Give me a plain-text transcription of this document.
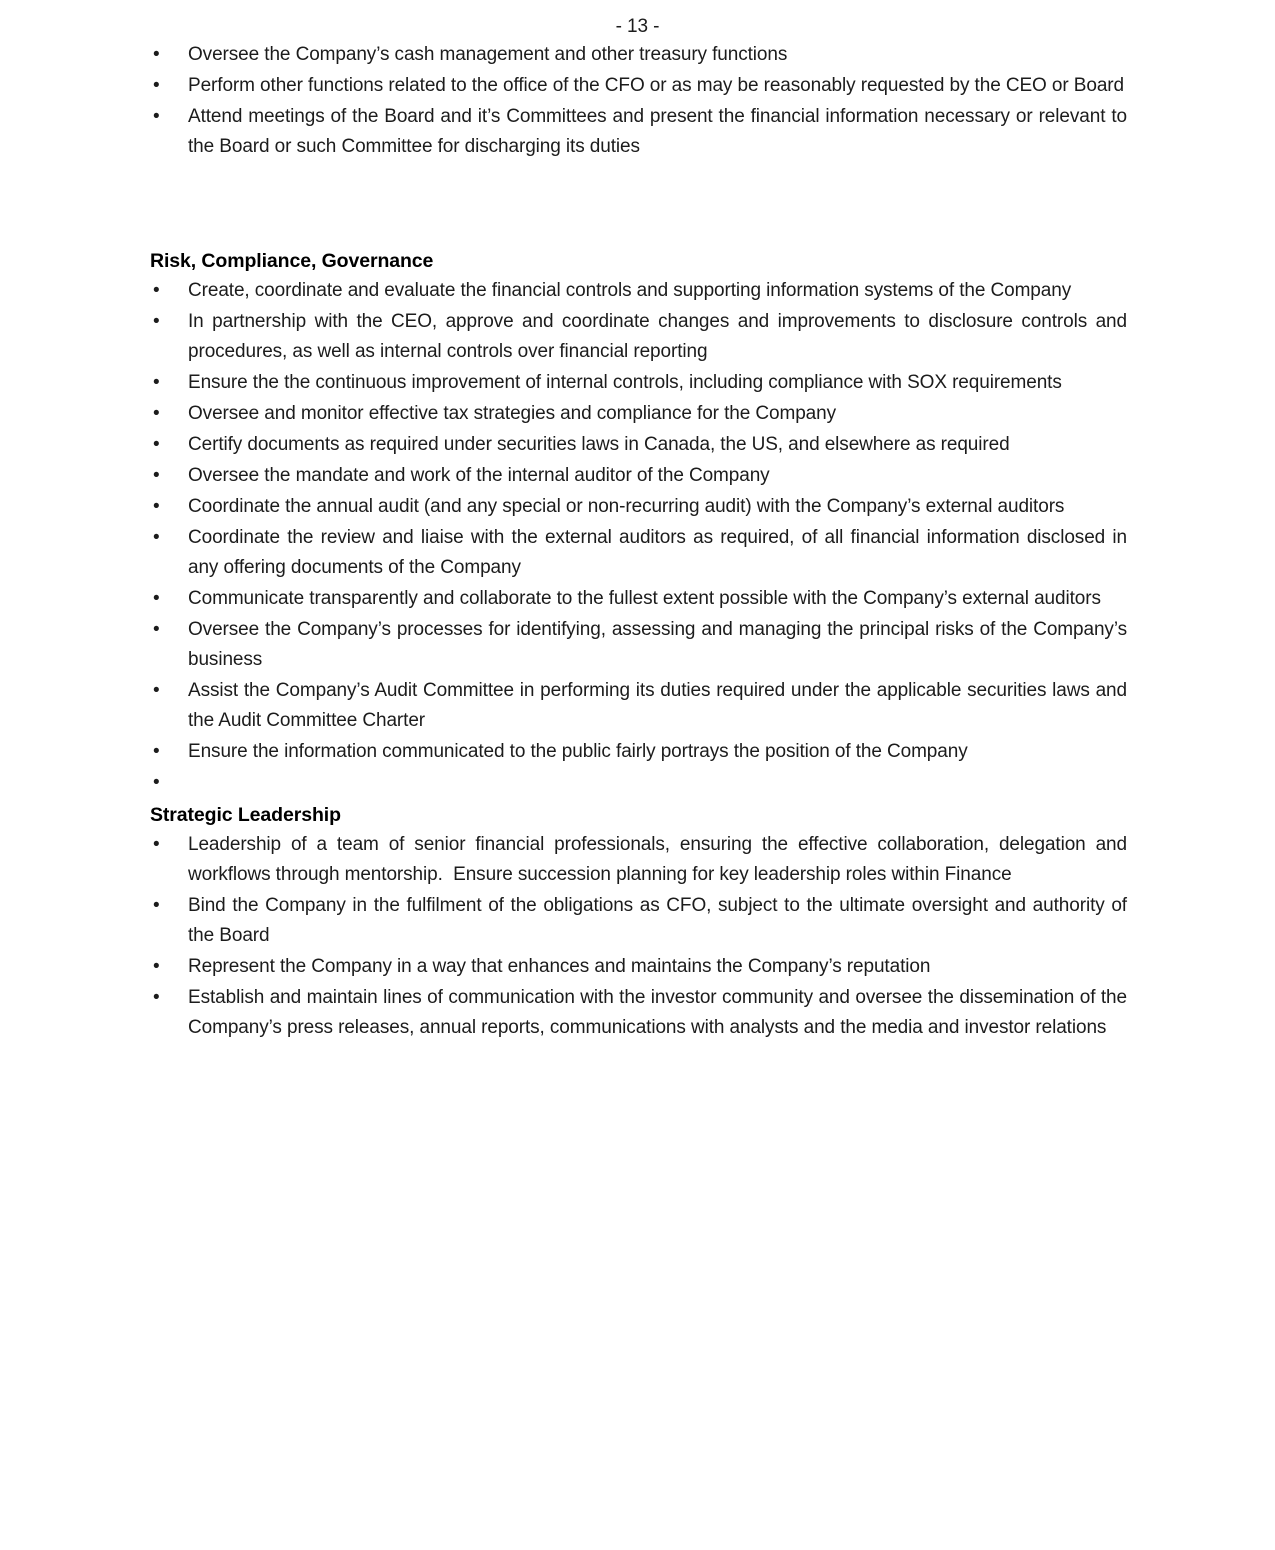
- 13 -
•
Oversee the Company’s cash management and other treasury functions
•
Perform other functions related to the office of the CFO or as may be reasonably requested by the CEO or Board
•
Attend meetings of the Board and it’s Committees and present the financial information necessary or relevant to the Board or such Committee for discharging its duties
Risk, Compliance, Governance
•
Create, coordinate and evaluate the financial controls and supporting information systems of the Company
•
In partnership with the CEO, approve and coordinate changes and improvements to disclosure controls and procedures, as well as internal controls over financial reporting
•
Ensure the the continuous improvement of internal controls, including compliance with SOX requirements
•
Oversee and monitor effective tax strategies and compliance for the Company
•
Certify documents as required under securities laws in Canada, the US, and elsewhere as required
•
Oversee the mandate and work of the internal auditor of the Company
•
Coordinate the annual audit (and any special or non-recurring audit) with the Company’s external auditors
•
Coordinate the review and liaise with the external auditors as required, of all financial information disclosed in any offering documents of the Company
•
Communicate transparently and collaborate to the fullest extent possible with the Company’s external auditors
•
Oversee the Company’s processes for identifying, assessing and managing the principal risks of the Company’s business
•
Assist the Company’s Audit Committee in performing its duties required under the applicable securities laws and the Audit Committee Charter
•
Ensure the information communicated to the public fairly portrays the position of the Company
•
Strategic Leadership
•
Leadership of a team of senior financial professionals, ensuring the effective collaboration, delegation and workflows through mentorship.  Ensure succession planning for key leadership roles within Finance
•
Bind the Company in the fulfilment of the obligations as CFO, subject to the ultimate oversight and authority of the Board
•
Represent the Company in a way that enhances and maintains the Company’s reputation
•
Establish and maintain lines of communication with the investor community and oversee the dissemination of the Company’s press releases, annual reports, communications with analysts and the media and investor relations
